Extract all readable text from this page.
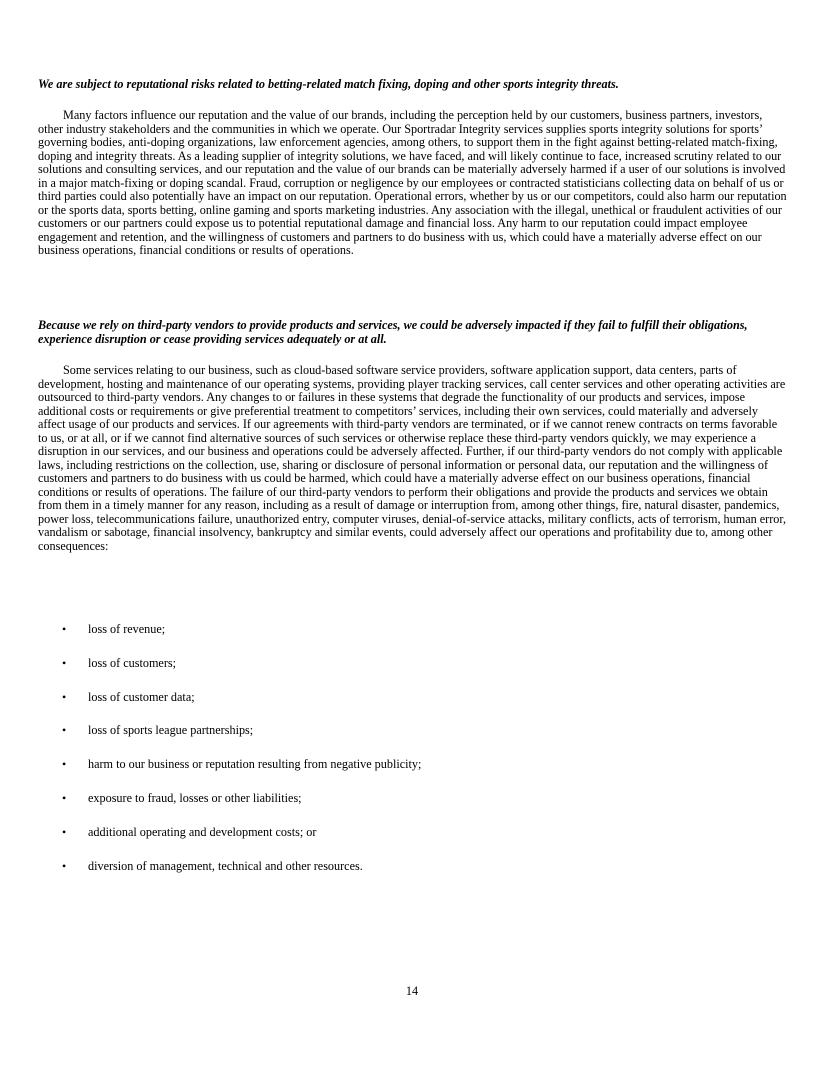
We are subject to reputational risks related to betting-related match fixing, doping and other sports integrity threats.
Many factors influence our reputation and the value of our brands, including the perception held by our customers, business partners, investors, other industry stakeholders and the communities in which we operate. Our Sportradar Integrity services supplies sports integrity solutions for sports’ governing bodies, anti-doping organizations, law enforcement agencies, among others, to support them in the fight against betting-related match-fixing, doping and integrity threats. As a leading supplier of integrity solutions, we have faced, and will likely continue to face, increased scrutiny related to our solutions and consulting services, and our reputation and the value of our brands can be materially adversely harmed if a user of our solutions is involved in a major match-fixing or doping scandal. Fraud, corruption or negligence by our employees or contracted statisticians collecting data on behalf of us or third parties could also potentially have an impact on our reputation. Operational errors, whether by us or our competitors, could also harm our reputation or the sports data, sports betting, online gaming and sports marketing industries. Any association with the illegal, unethical or fraudulent activities of our customers or our partners could expose us to potential reputational damage and financial loss. Any harm to our reputation could impact employee engagement and retention, and the willingness of customers and partners to do business with us, which could have a materially adverse effect on our business operations, financial conditions or results of operations.
Because we rely on third-party vendors to provide products and services, we could be adversely impacted if they fail to fulfill their obligations, experience disruption or cease providing services adequately or at all.
Some services relating to our business, such as cloud-based software service providers, software application support, data centers, parts of development, hosting and maintenance of our operating systems, providing player tracking services, call center services and other operating activities are outsourced to third-party vendors. Any changes to or failures in these systems that degrade the functionality of our products and services, impose additional costs or requirements or give preferential treatment to competitors’ services, including their own services, could materially and adversely affect usage of our products and services. If our agreements with third-party vendors are terminated, or if we cannot renew contracts on terms favorable to us, or at all, or if we cannot find alternative sources of such services or otherwise replace these third-party vendors quickly, we may experience a disruption in our services, and our business and operations could be adversely affected. Further, if our third-party vendors do not comply with applicable laws, including restrictions on the collection, use, sharing or disclosure of personal information or personal data, our reputation and the willingness of customers and partners to do business with us could be harmed, which could have a materially adverse effect on our business operations, financial conditions or results of operations. The failure of our third-party vendors to perform their obligations and provide the products and services we obtain from them in a timely manner for any reason, including as a result of damage or interruption from, among other things, fire, natural disaster, pandemics, power loss, telecommunications failure, unauthorized entry, computer viruses, denial-of-service attacks, military conflicts, acts of terrorism, human error, vandalism or sabotage, financial insolvency, bankruptcy and similar events, could adversely affect our operations and profitability due to, among other consequences:
• loss of revenue;
• loss of customers;
• loss of customer data;
• loss of sports league partnerships;
• harm to our business or reputation resulting from negative publicity;
• exposure to fraud, losses or other liabilities;
• additional operating and development costs; or
• diversion of management, technical and other resources.
14
